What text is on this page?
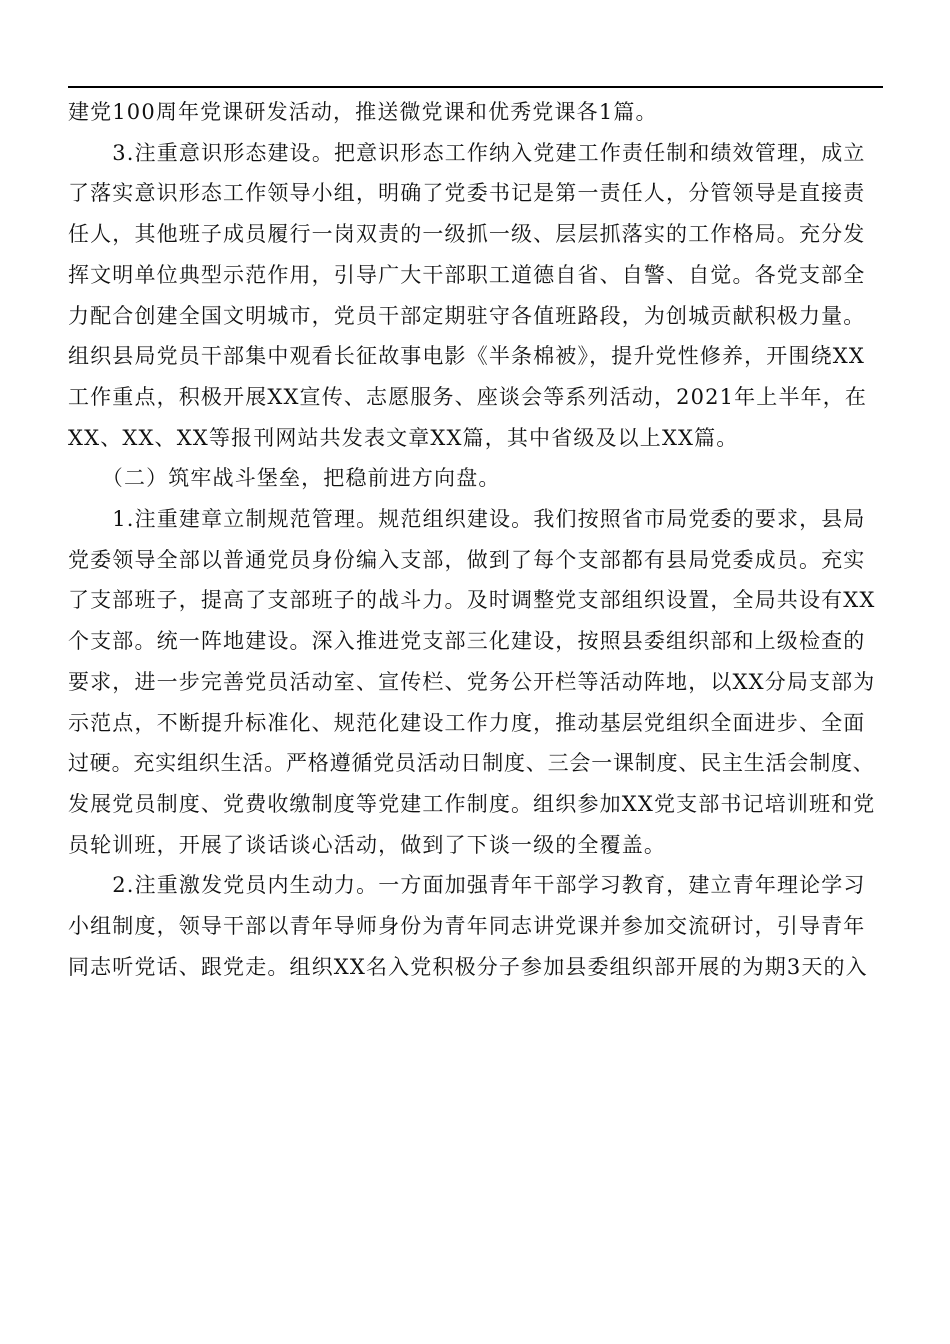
建党100周年党课研发活动，推送微党课和优秀党课各1篇。
　　3.注重意识形态建设。把意识形态工作纳入党建工作责任制和绩效管理，成立
了落实意识形态工作领导小组，明确了党委书记是第一责任人，分管领导是直接责
任人，其他班子成员履行一岗双责的一级抓一级、层层抓落实的工作格局。充分发
挥文明单位典型示范作用，引导广大干部职工道德自省、自警、自觉。各党支部全
力配合创建全国文明城市，党员干部定期驻守各值班路段，为创城贡献积极力量。
组织县局党员干部集中观看长征故事电影《半条棉被》，提升党性修养，开围绕XX
工作重点，积极开展XX宣传、志愿服务、座谈会等系列活动，2021年上半年，在
XX、XX、XX等报刊网站共发表文章XX篇，其中省级及以上XX篇。
　　（二）筑牢战斗堡垒，把稳前进方向盘。
　　1.注重建章立制规范管理。规范组织建设。我们按照省市局党委的要求，县局
党委领导全部以普通党员身份编入支部，做到了每个支部都有县局党委成员。充实
了支部班子，提高了支部班子的战斗力。及时调整党支部组织设置，全局共设有XX
个支部。统一阵地建设。深入推进党支部三化建设，按照县委组织部和上级检查的
要求，进一步完善党员活动室、宣传栏、党务公开栏等活动阵地，以XX分局支部为
示范点，不断提升标准化、规范化建设工作力度，推动基层党组织全面进步、全面
过硬。充实组织生活。严格遵循党员活动日制度、三会一课制度、民主生活会制度、
发展党员制度、党费收缴制度等党建工作制度。组织参加XX党支部书记培训班和党
员轮训班，开展了谈话谈心活动，做到了下谈一级的全覆盖。
　　2.注重激发党员内生动力。一方面加强青年干部学习教育，建立青年理论学习
小组制度，领导干部以青年导师身份为青年同志讲党课并参加交流研讨，引导青年
同志听党话、跟党走。组织XX名入党积极分子参加县委组织部开展的为期3天的入
